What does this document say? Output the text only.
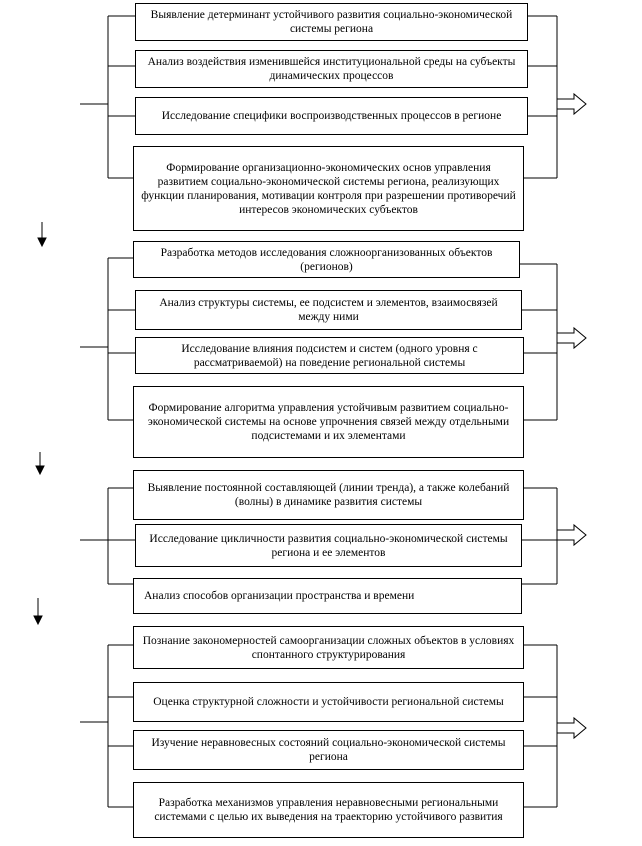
Выявление детерминант устойчивого развития социально-экономической системы региона
Анализ воздействия изменившейся институциональной среды на субъекты динамических процессов
Исследование специфики воспроизводственных процессов в регионе
Формирование организационно-экономических основ управления развитием социально-экономической системы региона, реализующих функции планирования, мотивации контроля при разрешении противоречий интересов экономических субъектов
Разработка методов исследования сложноорганизованных объектов (регионов)
Анализ структуры системы, ее подсистем и элементов, взаимосвязей между ними
Исследование влияния подсистем и систем (одного уровня с рассматриваемой) на поведение региональной системы
Формирование алгоритма управления устойчивым развитием социально-экономической системы на основе упрочнения связей между отдельными подсистемами и их элементами
Выявление постоянной составляющей (линии тренда), а также колебаний (волны) в динамике развития системы
Исследование цикличности развития социально-экономической системы региона и ее элементов
Анализ способов организации пространства и времени
Познание закономерностей самоорганизации сложных объектов в условиях спонтанного структурирования
Оценка структурной сложности и устойчивости региональной системы
Изучение неравновесных состояний социально-экономической системы региона
Разработка механизмов управления неравновесными региональными системами с целью их выведения на траекторию устойчивого развития
